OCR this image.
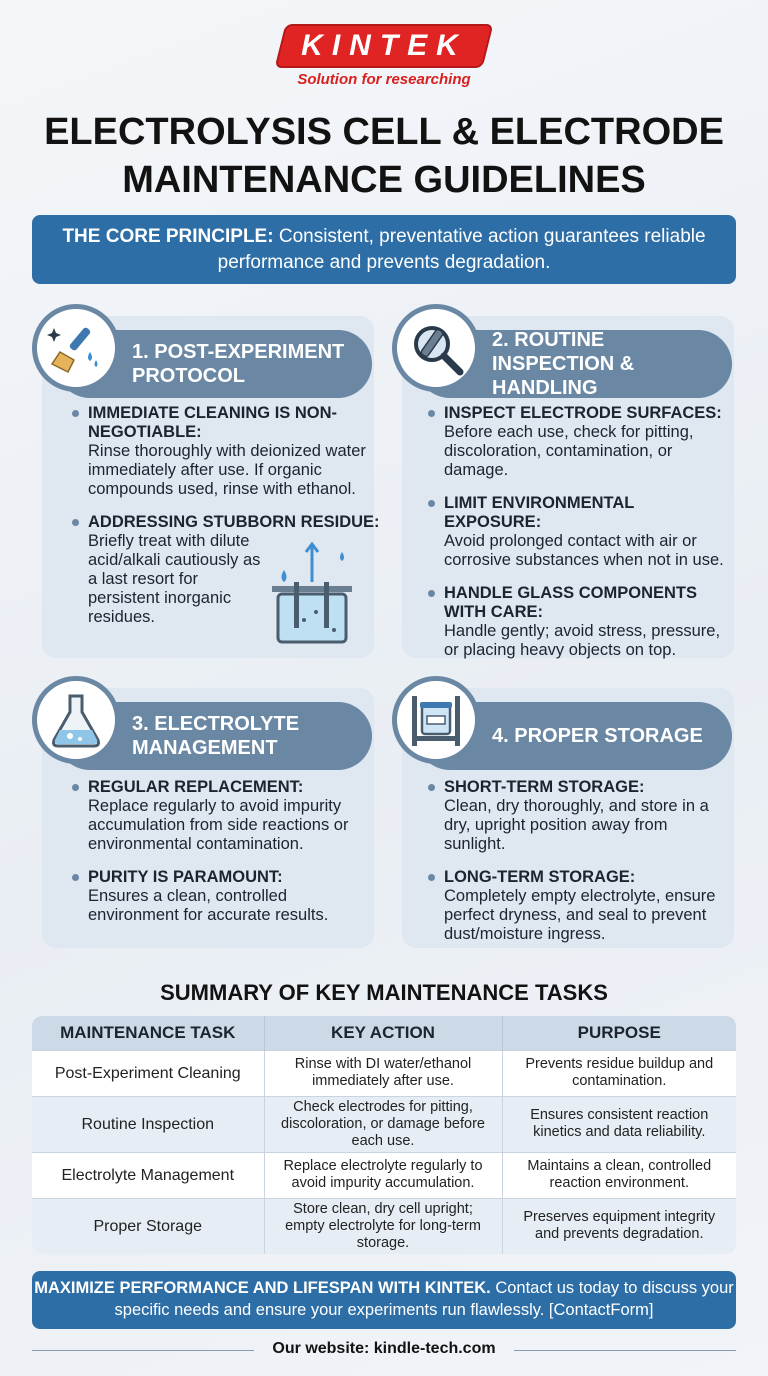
KINTEK
Solution for researching
ELECTROLYSIS CELL & ELECTRODE
MAINTENANCE GUIDELINES
THE CORE PRINCIPLE: Consistent, preventative action guarantees reliable performance and prevents degradation.
1. POST-EXPERIMENT PROTOCOL
IMMEDIATE CLEANING IS NON-NEGOTIABLE:
Rinse thoroughly with deionized water immediately after use. If organic compounds used, rinse with ethanol.
ADDRESSING STUBBORN RESIDUE:
Briefly treat with dilute acid/alkali cautiously as a last resort for persistent inorganic residues.
2. ROUTINE INSPECTION & HANDLING
INSPECT ELECTRODE SURFACES:
Before each use, check for pitting, discoloration, contamination, or damage.
LIMIT ENVIRONMENTAL EXPOSURE:
Avoid prolonged contact with air or corrosive substances when not in use.
HANDLE GLASS COMPONENTS WITH CARE:
Handle gently; avoid stress, pressure, or placing heavy objects on top.
3. ELECTROLYTE MANAGEMENT
REGULAR REPLACEMENT:
Replace regularly to avoid impurity accumulation from side reactions or environmental contamination.
PURITY IS PARAMOUNT:
Ensures a clean, controlled environment for accurate results.
4. PROPER STORAGE
SHORT-TERM STORAGE:
Clean, dry thoroughly, and store in a dry, upright position away from sunlight.
LONG-TERM STORAGE:
Completely empty electrolyte, ensure perfect dryness, and seal to prevent dust/moisture ingress.
SUMMARY OF KEY MAINTENANCE TASKS
MAINTENANCE TASK	KEY ACTION	PURPOSE
Post-Experiment Cleaning	Rinse with DI water/ethanol immediately after use.	Prevents residue buildup and contamination.
Routine Inspection	Check electrodes for pitting, discoloration, or damage before each use.	Ensures consistent reaction kinetics and data reliability.
Electrolyte Management	Replace electrolyte regularly to avoid impurity accumulation.	Maintains a clean, controlled reaction environment.
Proper Storage	Store clean, dry cell upright; empty electrolyte for long-term storage.	Preserves equipment integrity and prevents degradation.
MAXIMIZE PERFORMANCE AND LIFESPAN WITH KINTEK. Contact us today to discuss your specific needs and ensure your experiments run flawlessly. [ContactForm]
Our website: kindle-tech.com
